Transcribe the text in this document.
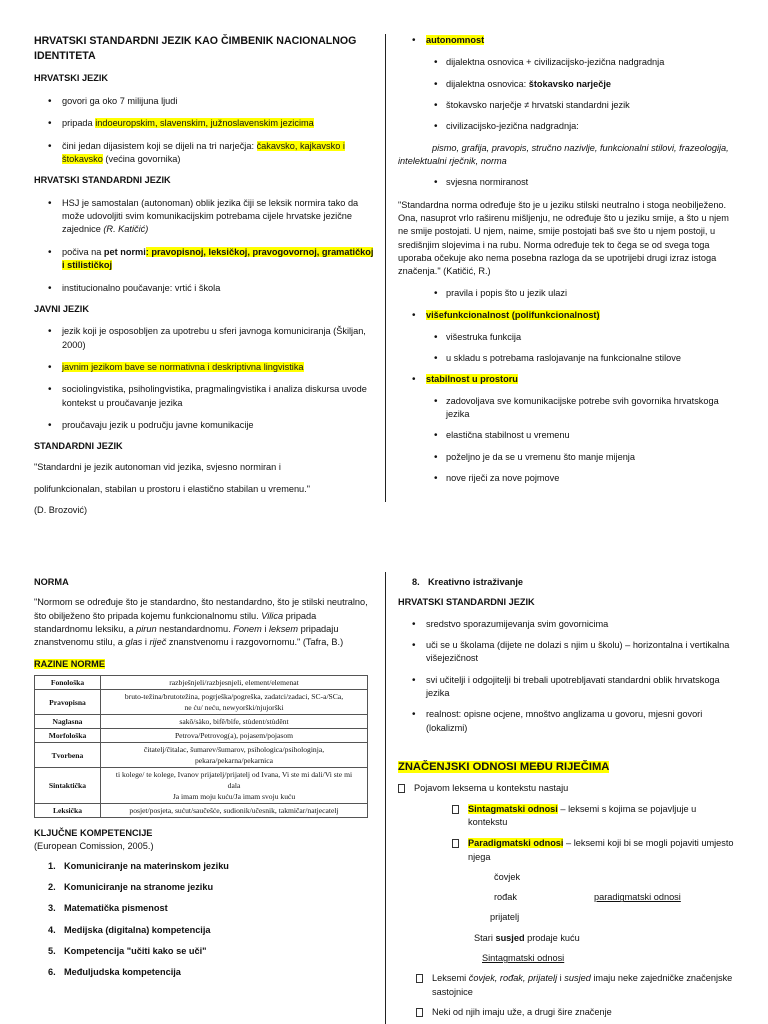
HRVATSKI STANDARDNI JEZIK KAO ČIMBENIK NACIONALNOG IDENTITETA
HRVATSKI JEZIK
• govori ga oko 7 milijuna ljudi
• pripada indoeuropskim, slavenskim, južnoslavenskim jezicima
• čini jedan dijasistem koji se dijeli na tri narječja: čakavsko, kajkavsko i štokavsko (većina govornika)
HRVATSKI STANDARDNI JEZIK
• HSJ je samostalan (autonoman) oblik jezika čiji se leksik normira tako da može udovoljiti svim komunikacijskim potrebama cijele hrvatske jezične zajednice (R. Katičić)
• počiva na pet normi: pravopisnoj, leksičkoj, pravogovornoj, gramatičkoj i stilističkoj
• institucionalno poučavanje: vrtić i škola
JAVNI JEZIK
• jezik koji je osposobljen za upotrebu u sferi javnoga komuniciranja (Škiljan, 2000)
• javnim jezikom bave se normativna i deskriptivna lingvistika
• sociolingvistika, psiholingvistika, pragmalingvistika i analiza diskursa uvode kontekst u proučavanje jezika
• proučavaju jezik u području javne komunikacije
STANDARDNI JEZIK
"Standardni je jezik autonoman vid jezika, svjesno normiran i
polifunkcionalan, stabilan u prostoru i elastično stabilan u vremenu."
(D. Brozović)
• autonomnost
• dijalektna osnovica + civilizacijsko-jezična nadgradnja
• dijalektna osnovica: štokavsko narječje
• štokavsko narječje ≠ hrvatski standardni jezik
• civilizacijsko-jezična nadgradnja:
pismo, grafija, pravopis, stručno nazivlje, funkcionalni stilovi, frazeologija, intelektualni rječnik, norma
• svjesna normiranost
"Standardna norma određuje što je u jeziku stilski neutralno i stoga neobilježeno. Ona, nasuprot vrlo raširenu mišljenju, ne određuje što u jeziku smije, a što u njem ne smije postojati. U njem, naime, smije postojati baš sve što u njem postoji, u središnjim slojevima i na rubu. Norma određuje tek to čega se od svega toga uporaba očekuje ako nema posebna razloga da se upotrijebi drugi izraz istoga značenja." (Katičić, R.)
• pravila i popis što u jezik ulazi
• višefunkcionalnost (polifunkcionalnost)
• višestruka funkcija
• u skladu s potrebama raslojavanje na funkcionalne stilove
• stabilnost u prostoru
• zadovoljava sve komunikacijske potrebe svih govornika hrvatskoga jezika
• elastična stabilnost u vremenu
• poželjno je da se u vremenu što manje mijenja
• nove riječi za nove pojmove
NORMA
"Normom se određuje što je standardno, što nestandardno, što je stilski neutralno, što obilježeno što pripada kojemu funkcionalnomu stilu. Vilica pripada standardnomu leksiku, a pirun nestandardnomu. Fonem i leksem pripadaju znanstvenomu stilu, a glas i riječ znanstvenomu i razgovornomu." (Tafra, B.)
RAZINE NORME
Fonološka	razbješnjeli/razbjesnjeli, element/elemenat

Pravopisna	bruto-težina/brutotežina, pogrješka/pogreška, zadatci/zadaci, SC-a/SCa,
ne ću/ neću, newyorški/njujorški

Naglasna	sakô/sàko, bifê/bìfe, stùdent/stùdênt

Morfološka	Petrova/Petrovog(a), pojasem/pojasom

Tvorbena	čitatelj/čitalac, šumarev/šumarov, psihologica/psihologinja,
pekara/pekarna/pekarnica

Sintaktička	ti kolege/ te kolege, Ivanov prijatelj/prijatelj od Ivana, Vi ste mi dali/Vi ste mi
dala
Ja imam moju kuću/Ja imam svoju kuću

Leksička	posjet/posjeta, sućut/saučešće, sudionik/učesnik, takmičar/natjecatelj
KLJUČNE KOMPETENCIJE
(European Comission, 2005.)
1. Komuniciranje na materinskom jeziku
2. Komuniciranje na stranome jeziku
3. Matematička pismenost
4. Medijska (digitalna) kompetencija
5. Kompetencija "učiti kako se uči"
6. Međuljudska kompetencija
8. Kreativno istraživanje
HRVATSKI STANDARDNI JEZIK
• sredstvo sporazumijevanja svim govornicima
• uči se u školama (dijete ne dolazi s njim u školu) – horizontalna i vertikalna višejezičnost
• svi učitelji i odgojitelji bi trebali upotrebljavati standardni oblik hrvatskoga jezika
• realnost: opisne ocjene, mnoštvo anglizama u govoru, mjesni govori (lokalizmi)
ZNAČENJSKI ODNOSI MEĐU RIJEČIMA
Pojavom leksema u kontekstu nastaju
Sintagmatski odnosi – leksemi s kojima se pojavljuje u kontekstu
Paradigmatski odnosi – leksemi koji bi se mogli pojaviti umjesto njega
čovjek
rođak	paradigmatski odnosi
prijatelj
Stari susjed prodaje kuću
Sintagmatski odnosi
Leksemi čovjek, rođak, prijatelj i susjed imaju neke zajedničke značenjske sastojnice
Neki od njih imaju uže, a drugi šire značenje
